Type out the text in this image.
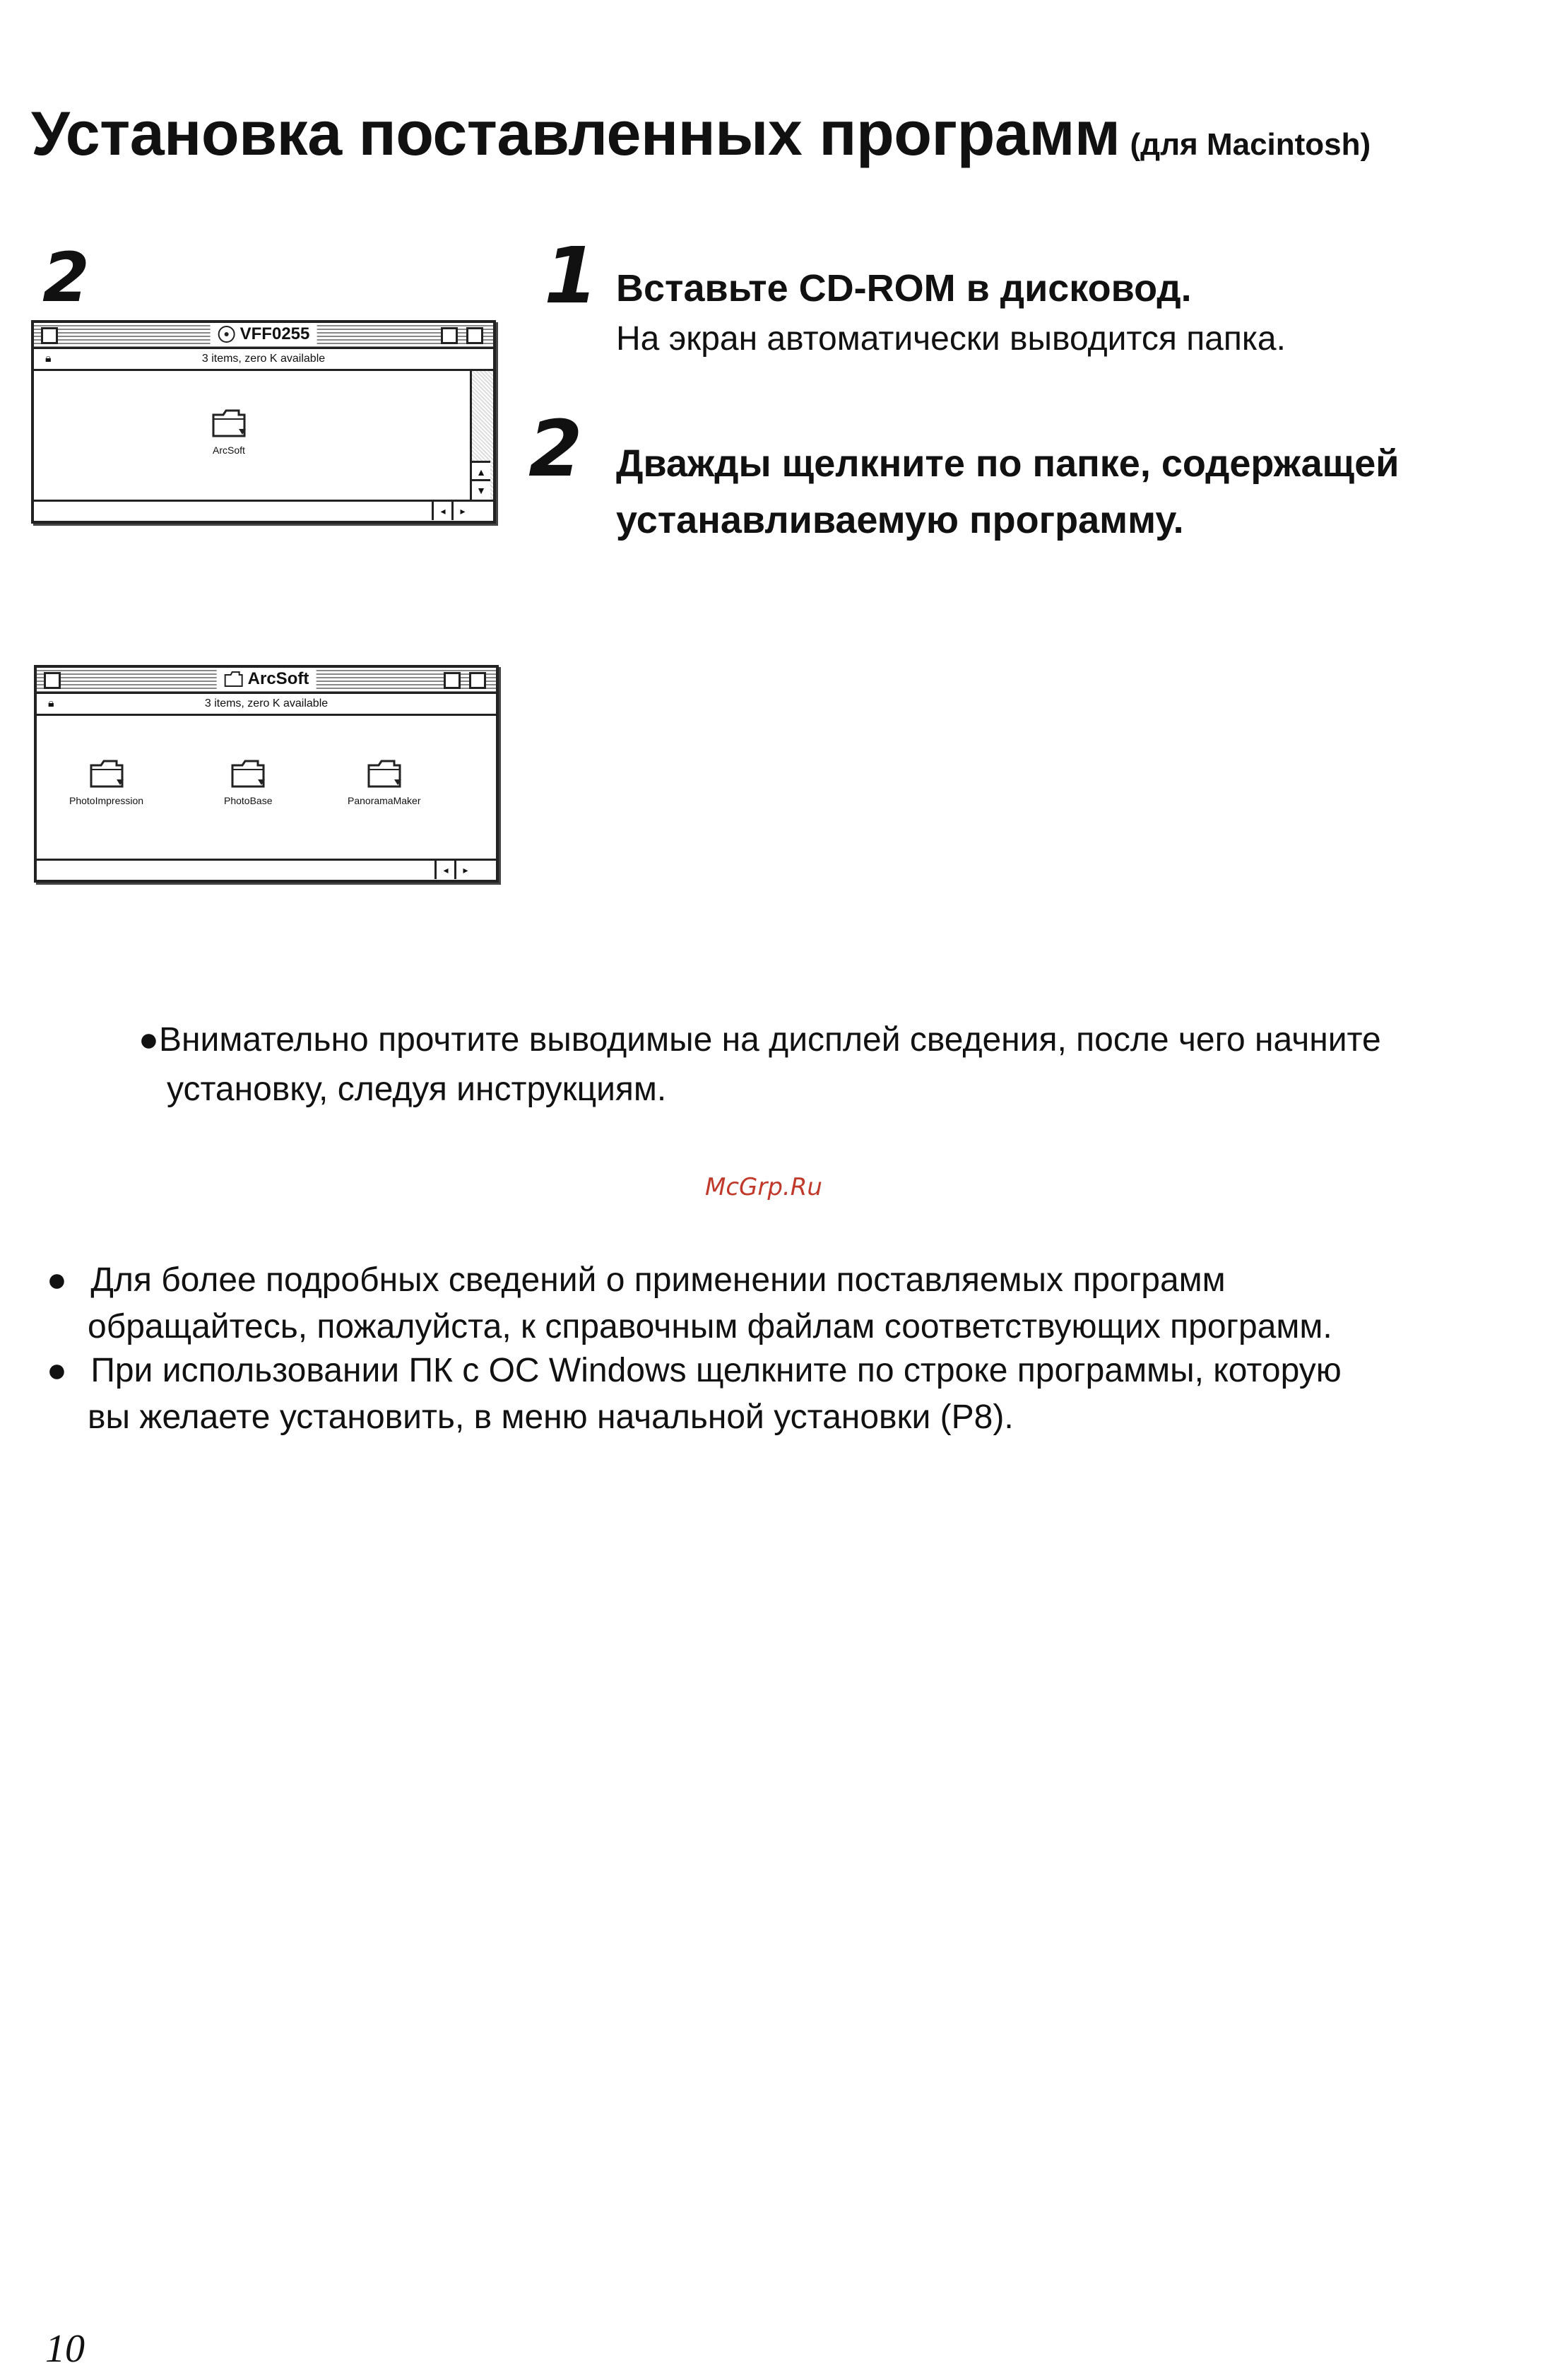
Установка поставленных программ (для Macintosh)
2
VFF0255
🔒︎	3 items, zero K available
ArcSoft
▲
▼
◂	▸
ArcSoft
🔒︎	3 items, zero K available
PhotoImpression	PhotoBase	PanoramaMaker
◂	▸
1 Вставьте CD-ROM в дисковод.
На экран автоматически выводится папка.
2 Дважды щелкните по папке, содержащей
устанавливаемую программу.
●Внимательно прочтите выводимые на дисплей сведения, после чего начните
установку, следуя инструкциям.
McGrp.Ru
● Для более подробных сведений о применении поставляемых программ
обращайтесь, пожалуйста, к справочным файлам соответствующих программ.
● При использовании ПК с ОС Windows щелкните по строке программы, которую
вы желаете установить, в меню начальной установки (P8).
10
